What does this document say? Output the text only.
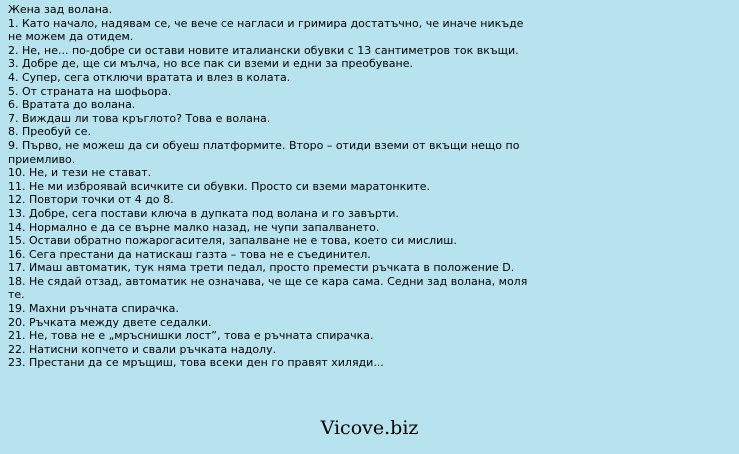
Жена зад волана.

1. Като начало, надявам се, че вече се нагласи и гримира достатъчно, че иначе никъде не можем да отидем.

2. Не, не... по-добре си остави новите италиански обувки с 13 сантиметров ток вкъщи.

3. Добре де, ще си мълча, но все пак си вземи и едни за преобуване.

4. Супер, сега отключи вратата и влез в колата.

5. От страната на шофьора.

6. Вратата до волана.

7. Виждаш ли това кръглото? Това е волана.

8. Преобуй се.

9. Първо, не можеш да си обуеш платформите. Второ – отиди вземи от вкъщи нещо по приемливо.

10. Не, и тези не стават.

11. Не ми изброявай всичките си обувки. Просто си вземи маратонките.

12. Повтори точки от 4 до 8.

13. Добре, сега постави ключа в дупката под волана и го завърти.

14. Нормално е да се върне малко назад, не чупи запалването.

15. Остави обратно пожарогасителя, запалване не е това, което си мислиш.

16. Сега престани да натискаш газта – това не е съединител.

17. Имаш автоматик, тук няма трети педал, просто премести ръчката в положение D.

18. Не сядай отзад, автоматик не означава, че ще се кара сама. Седни зад волана, моля те.

19. Махни ръчната спирачка.

20. Ръчката между двете седалки.

21. Не, това не е „мръснишки лост”, това е ръчната спирачка.

22. Натисни копчето и свали ръчката надолу.

23. Престани да се мръщиш, това всеки ден го правят хиляди...

Vicove.biz
